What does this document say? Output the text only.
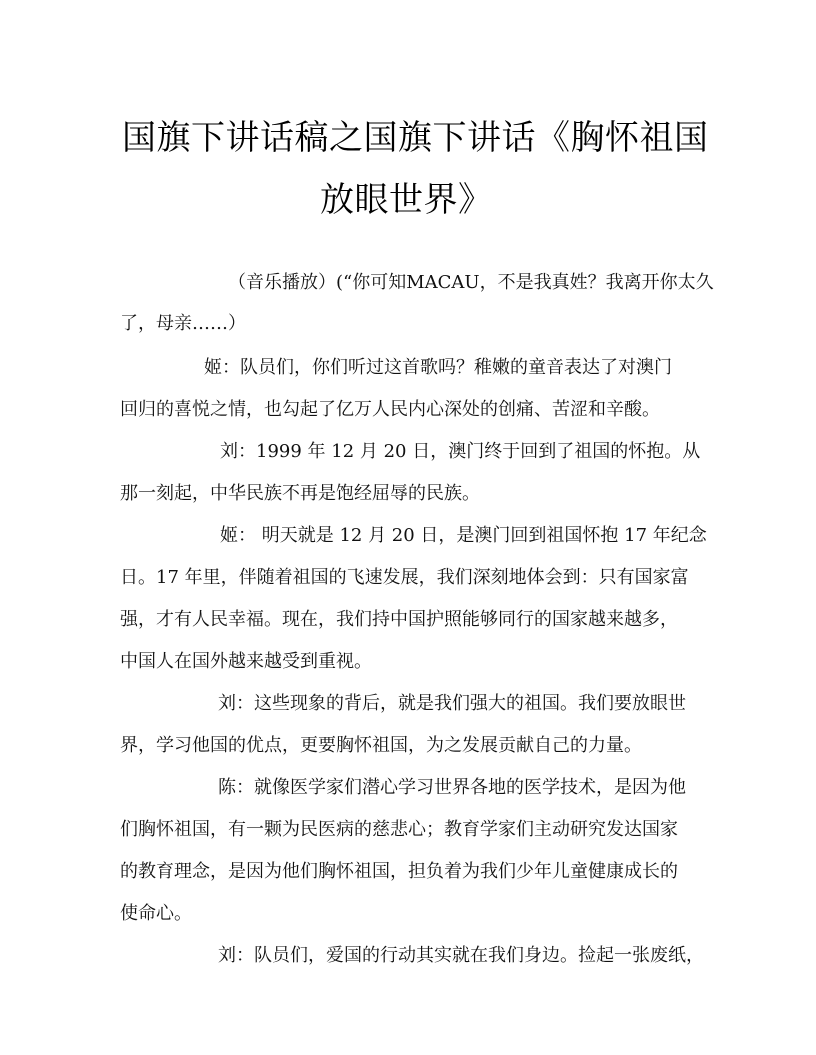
国旗下讲话稿之国旗下讲话《胸怀祖国
放眼世界》
（音乐播放）(“你可知MACAU，不是我真姓？我离开你太久
了，母亲……）
姬：队员们，你们听过这首歌吗？稚嫩的童音表达了对澳门
回归的喜悦之情，也勾起了亿万人民内心深处的创痛、苦涩和辛酸。
刘：1999 年 12 月 20 日，澳门终于回到了祖国的怀抱。从
那一刻起，中华民族不再是饱经屈辱的民族。
姬： 明天就是 12 月 20 日，是澳门回到祖国怀抱 17 年纪念
日。17 年里，伴随着祖国的飞速发展，我们深刻地体会到：只有国家富
强，才有人民幸福。现在，我们持中国护照能够同行的国家越来越多，
中国人在国外越来越受到重视。
刘：这些现象的背后，就是我们强大的祖国。我们要放眼世
界，学习他国的优点，更要胸怀祖国，为之发展贡献自己的力量。
陈：就像医学家们潜心学习世界各地的医学技术，是因为他
们胸怀祖国，有一颗为民医病的慈悲心；教育学家们主动研究发达国家
的教育理念，是因为他们胸怀祖国，担负着为我们少年儿童健康成长的
使命心。
刘：队员们，爱国的行动其实就在我们身边。捡起一张废纸，
